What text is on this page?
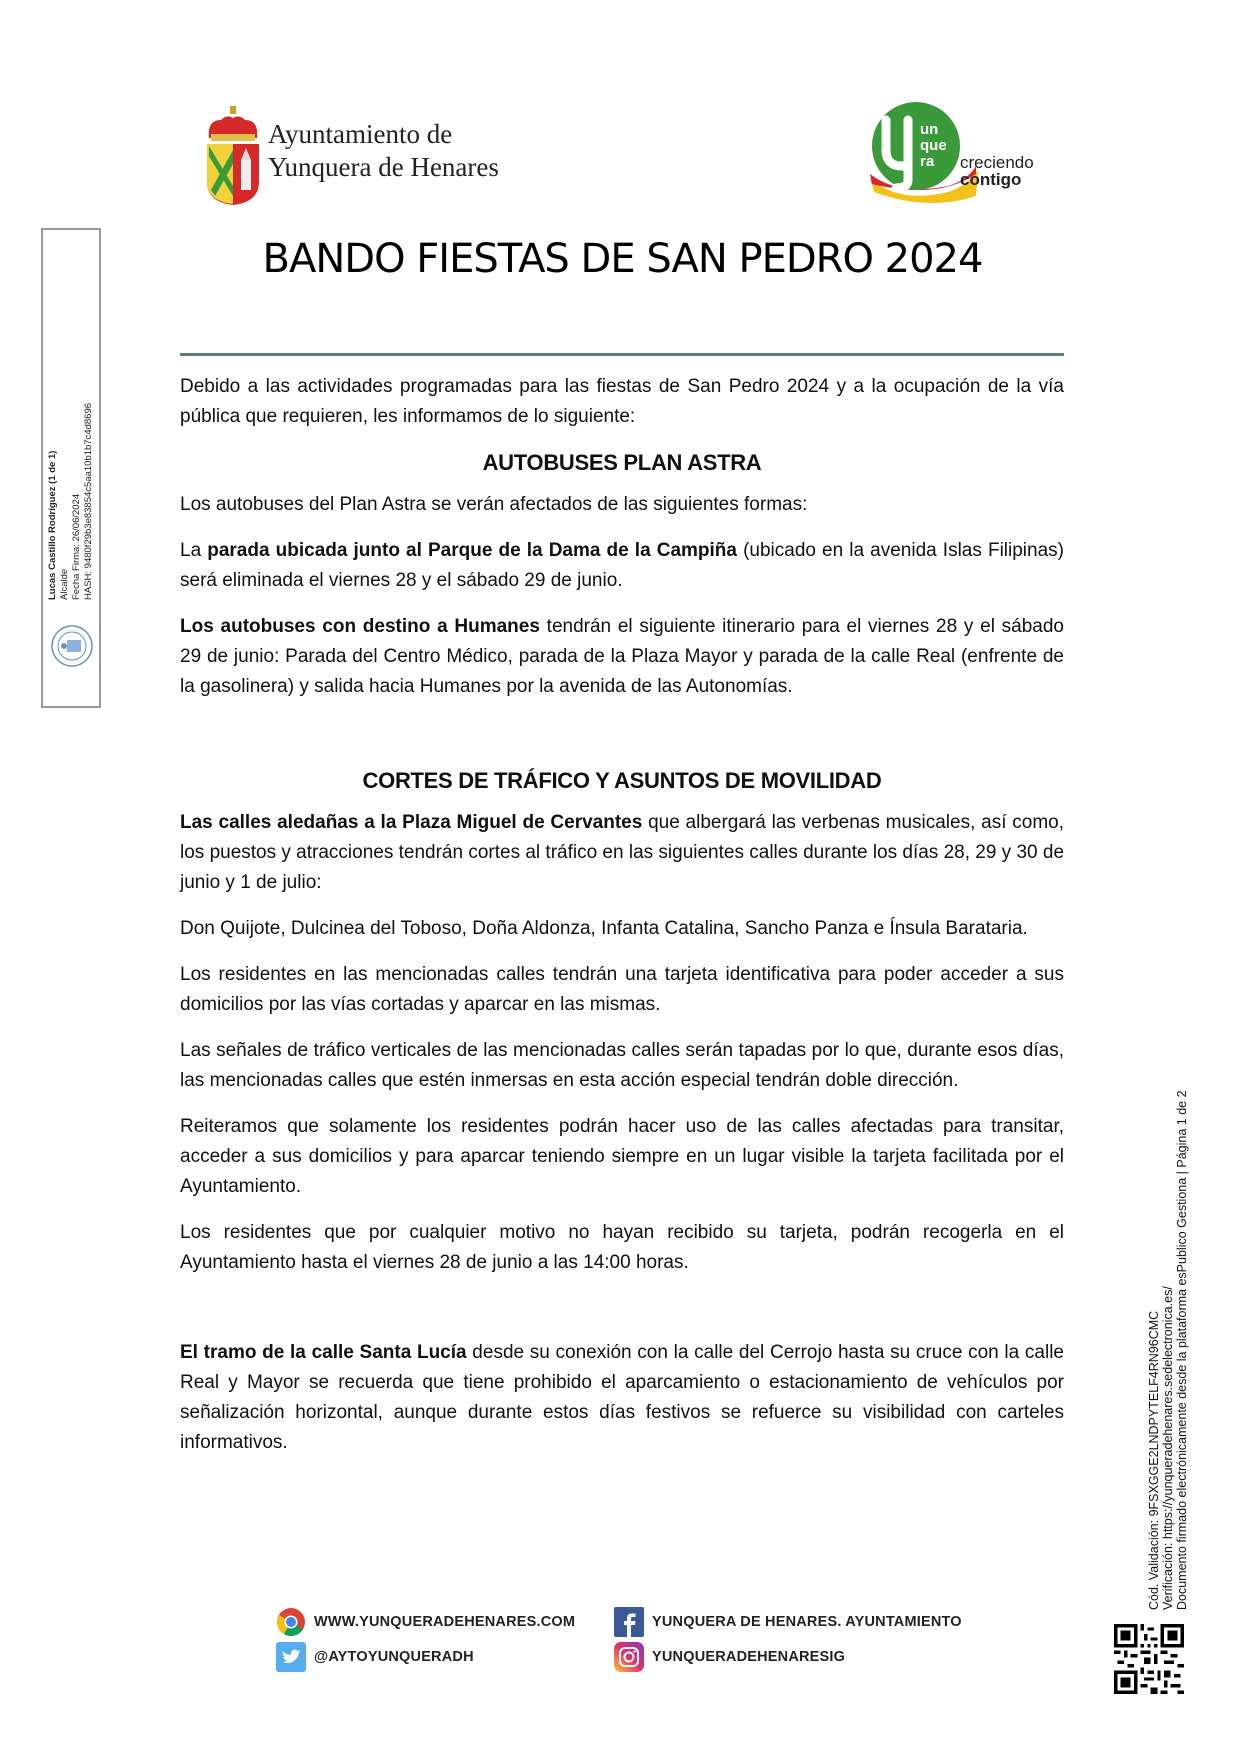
Ayuntamiento de
Yunquera de Henares
un
que
ra creciendo
contigo
BANDO FIESTAS DE SAN PEDRO 2024

Debido a las actividades programadas para las fiestas de San Pedro 2024 y a la ocupación de la vía pública que requieren, les informamos de lo siguiente:

AUTOBUSES PLAN ASTRA

Los autobuses del Plan Astra se verán afectados de las siguientes formas:

La parada ubicada junto al Parque de la Dama de la Campiña (ubicado en la avenida Islas Filipinas) será eliminada el viernes 28 y el sábado 29 de junio.

Los autobuses con destino a Humanes tendrán el siguiente itinerario para el viernes 28 y el sábado 29 de junio: Parada del Centro Médico, parada de la Plaza Mayor y parada de la calle Real (enfrente de la gasolinera) y salida hacia Humanes por la avenida de las Autonomías.

CORTES DE TRÁFICO Y ASUNTOS DE MOVILIDAD

Las calles aledañas a la Plaza Miguel de Cervantes que albergará las verbenas musicales, así como, los puestos y atracciones tendrán cortes al tráfico en las siguientes calles durante los días 28, 29 y 30 de junio y 1 de julio:

Don Quijote, Dulcinea del Toboso, Doña Aldonza, Infanta Catalina, Sancho Panza e Ínsula Barataria.

Los residentes en las mencionadas calles tendrán una tarjeta identificativa para poder acceder a sus domicilios por las vías cortadas y aparcar en las mismas.

Las señales de tráfico verticales de las mencionadas calles serán tapadas por lo que, durante esos días, las mencionadas calles que estén inmersas en esta acción especial tendrán doble dirección.

Reiteramos que solamente los residentes podrán hacer uso de las calles afectadas para transitar, acceder a sus domicilios y para aparcar teniendo siempre en un lugar visible la tarjeta facilitada por el Ayuntamiento.

Los residentes que por cualquier motivo no hayan recibido su tarjeta, podrán recogerla en el Ayuntamiento hasta el viernes 28 de junio a las 14:00 horas.

El tramo de la calle Santa Lucía desde su conexión con la calle del Cerrojo hasta su cruce con la calle Real y Mayor se recuerda que tiene prohibido el aparcamiento o estacionamiento de vehículos por señalización horizontal, aunque durante estos días festivos se refuerce su visibilidad con carteles informativos.

Lucas Castillo Rodríguez (1 de 1) Alcalde Fecha Firma: 26/06/2024 HASH: 9480f29b3e83854c5aa10b1b7c4d8696
Cód. Validación: 9FSXGGE2LNDPYTELF4RN96CMC Verificación: https://yunqueradehenares.sedelectronica.es/ Documento firmado electrónicamente desde la plataforma esPublico Gestiona | Página 1 de 2
WWW.YUNQUERADEHENARES.COM
@AYTOYUNQUERADH
YUNQUERA DE HENARES. AYUNTAMIENTO
YUNQUERADEHENARESIG
